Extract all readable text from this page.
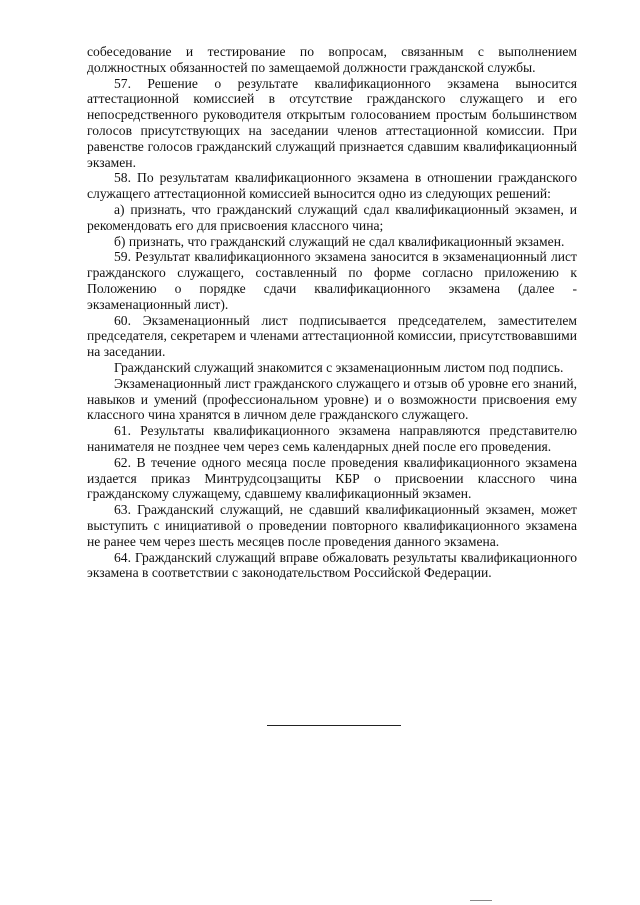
собеседование и тестирование по вопросам, связанным с выполнением должностных обязанностей по замещаемой должности гражданской службы.

57. Решение о результате квалификационного экзамена выносится аттестационной комиссией в отсутствие гражданского служащего и его непосредственного руководителя открытым голосованием простым большинством голосов присутствующих на заседании членов аттестационной комиссии. При равенстве голосов гражданский служащий признается сдавшим квалификационный экзамен.

58. По результатам квалификационного экзамена в отношении гражданского служащего аттестационной комиссией выносится одно из следующих решений:

а) признать, что гражданский служащий сдал квалификационный экзамен, и рекомендовать его для присвоения классного чина;

б) признать, что гражданский служащий не сдал квалификационный экзамен.

59. Результат квалификационного экзамена заносится в экзаменационный лист гражданского служащего, составленный по форме согласно приложению к Положению о порядке сдачи квалификационного экзамена (далее - экзаменационный лист).

60. Экзаменационный лист подписывается председателем, заместителем председателя, секретарем и членами аттестационной комиссии, присутствовавшими на заседании.

Гражданский служащий знакомится с экзаменационным листом под подпись.

Экзаменационный лист гражданского служащего и отзыв об уровне его знаний, навыков и умений (профессиональном уровне) и о возможности присвоения ему классного чина хранятся в личном деле гражданского служащего.

61. Результаты квалификационного экзамена направляются представителю нанимателя не позднее чем через семь календарных дней после его проведения.

62. В течение одного месяца после проведения квалификационного экзамена издается приказ Минтрудсоцзащиты КБР о присвоении классного чина гражданскому служащему, сдавшему квалификационный экзамен.

63. Гражданский служащий, не сдавший квалификационный экзамен, может выступить с инициативой о проведении повторного квалификационного экзамена не ранее чем через шесть месяцев после проведения данного экзамена.

64. Гражданский служащий вправе обжаловать результаты квалификационного экзамена в соответствии с законодательством Российской Федерации.
